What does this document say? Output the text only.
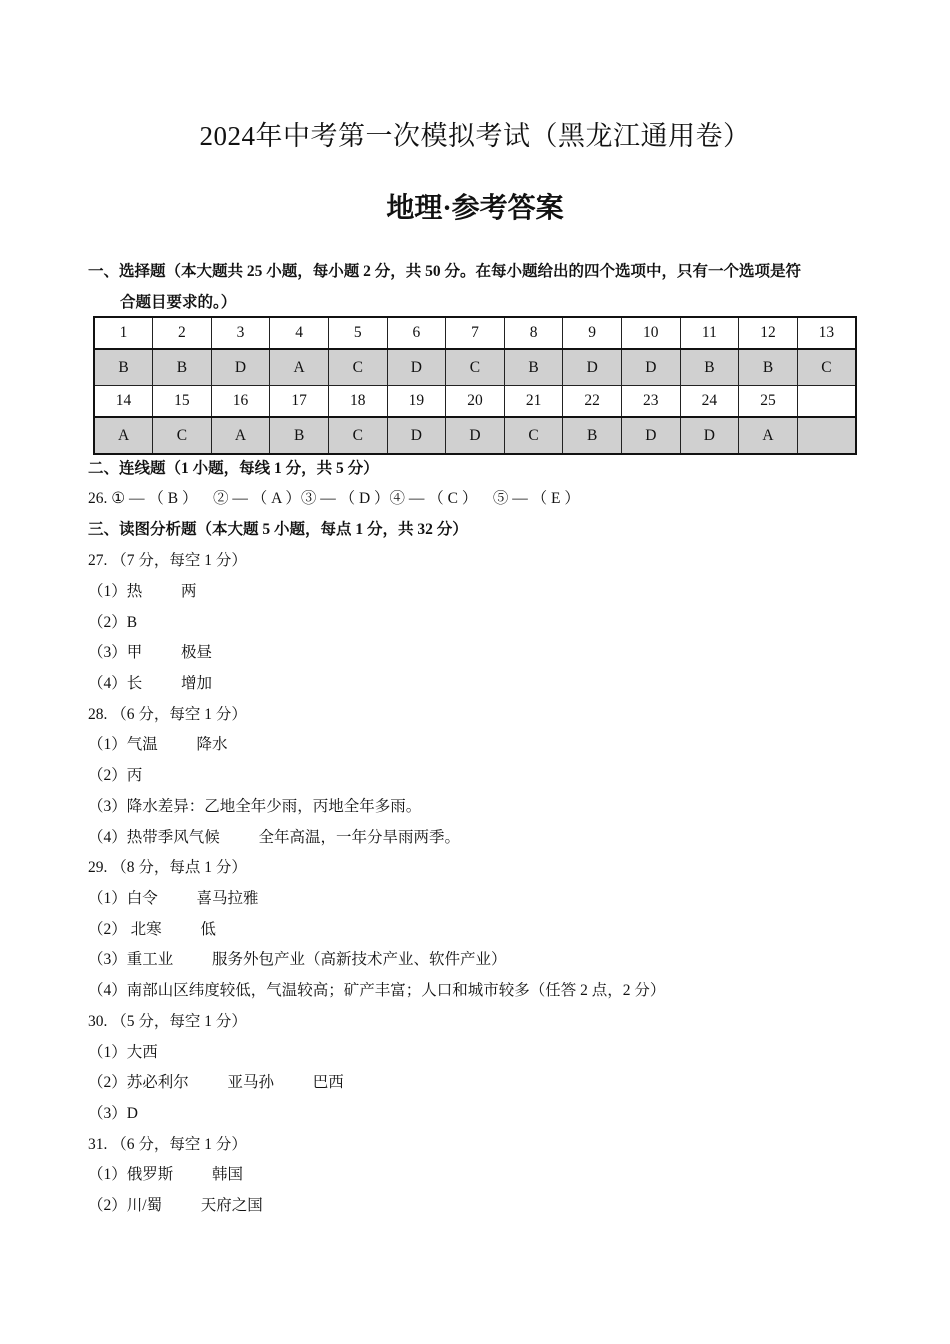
2024年中考第一次模拟考试（黑龙江通用卷）
地理·参考答案
一、选择题（本大题共 25 小题，每小题 2 分，共 50 分。在每小题给出的四个选项中，只有一个选项是符
合题目要求的。）
1	2	3	4	5	6	7	8	9	10	11	12	13
B	B	D	A	C	D	C	B	D	D	B	B	C
14	15	16	17	18	19	20	21	22	23	24	25	
A	C	A	B	C	D	D	C	B	D	D	A	
二、连线题（1 小题，每线 1 分，共 5 分）
26. ① — （ B ）    ② — （ A ）③ — （ D ）④ — （ C ）    ⑤ — （ E ）
三、读图分析题（本大题 5 小题，每点 1 分，共 32 分）
27. （7 分，每空 1 分）
（1）热          两
（2）B
（3）甲          极昼
（4）长          增加
28. （6 分，每空 1 分）
（1）气温          降水
（2）丙
（3）降水差异：乙地全年少雨，丙地全年多雨。
（4）热带季风气候          全年高温，一年分旱雨两季。
29. （8 分，每点 1 分）
（1）白令          喜马拉雅
（2） 北寒          低
（3）重工业          服务外包产业（高新技术产业、软件产业）
（4）南部山区纬度较低，气温较高；矿产丰富；人口和城市较多（任答 2 点，2 分）
30. （5 分，每空 1 分）
（1）大西
（2）苏必利尔          亚马孙          巴西
（3）D
31. （6 分，每空 1 分）
（1）俄罗斯          韩国
（2）川/蜀          天府之国
